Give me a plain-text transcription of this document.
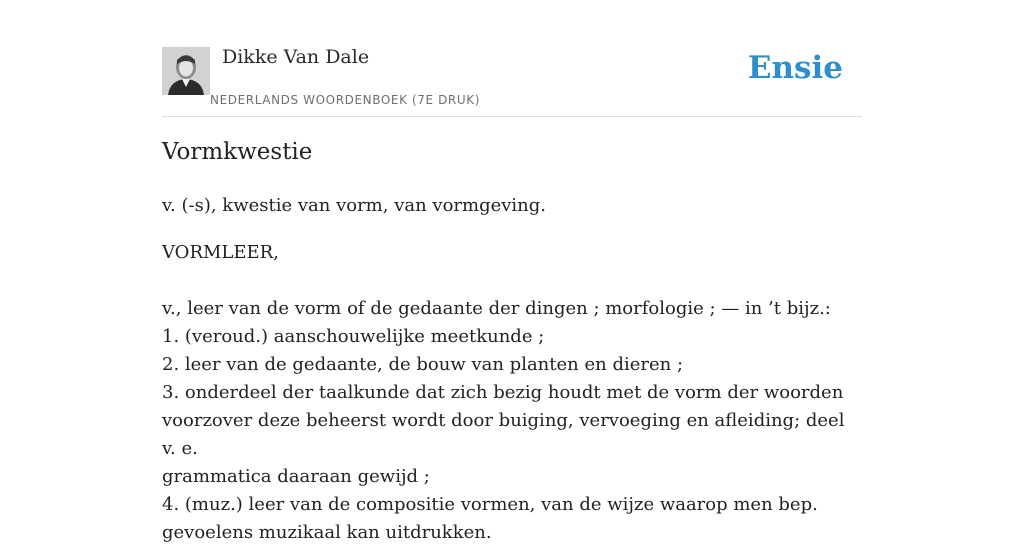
Dikke Van Dale
NEDERLANDS WOORDENBOEK (7E DRUK)
Ensie
Vormkwestie

v. (-s), kwestie van vorm, van vormgeving.

VORMLEER,

v., leer van de vorm of de gedaante der dingen ; morfologie ; — in ’t bijz.:

1. (veroud.) aanschouwelijke meetkunde ;

2. leer van de gedaante, de bouw van planten en dieren ;

3. onderdeel der taalkunde dat zich bezig houdt met de vorm der woorden

voorzover deze beheerst wordt door buiging, vervoeging en afleiding; deel v. e.

grammatica daaraan gewijd ;

4. (muz.) leer van de compositie vormen, van de wijze waarop men bep.

gevoelens muzikaal kan uitdrukken.
